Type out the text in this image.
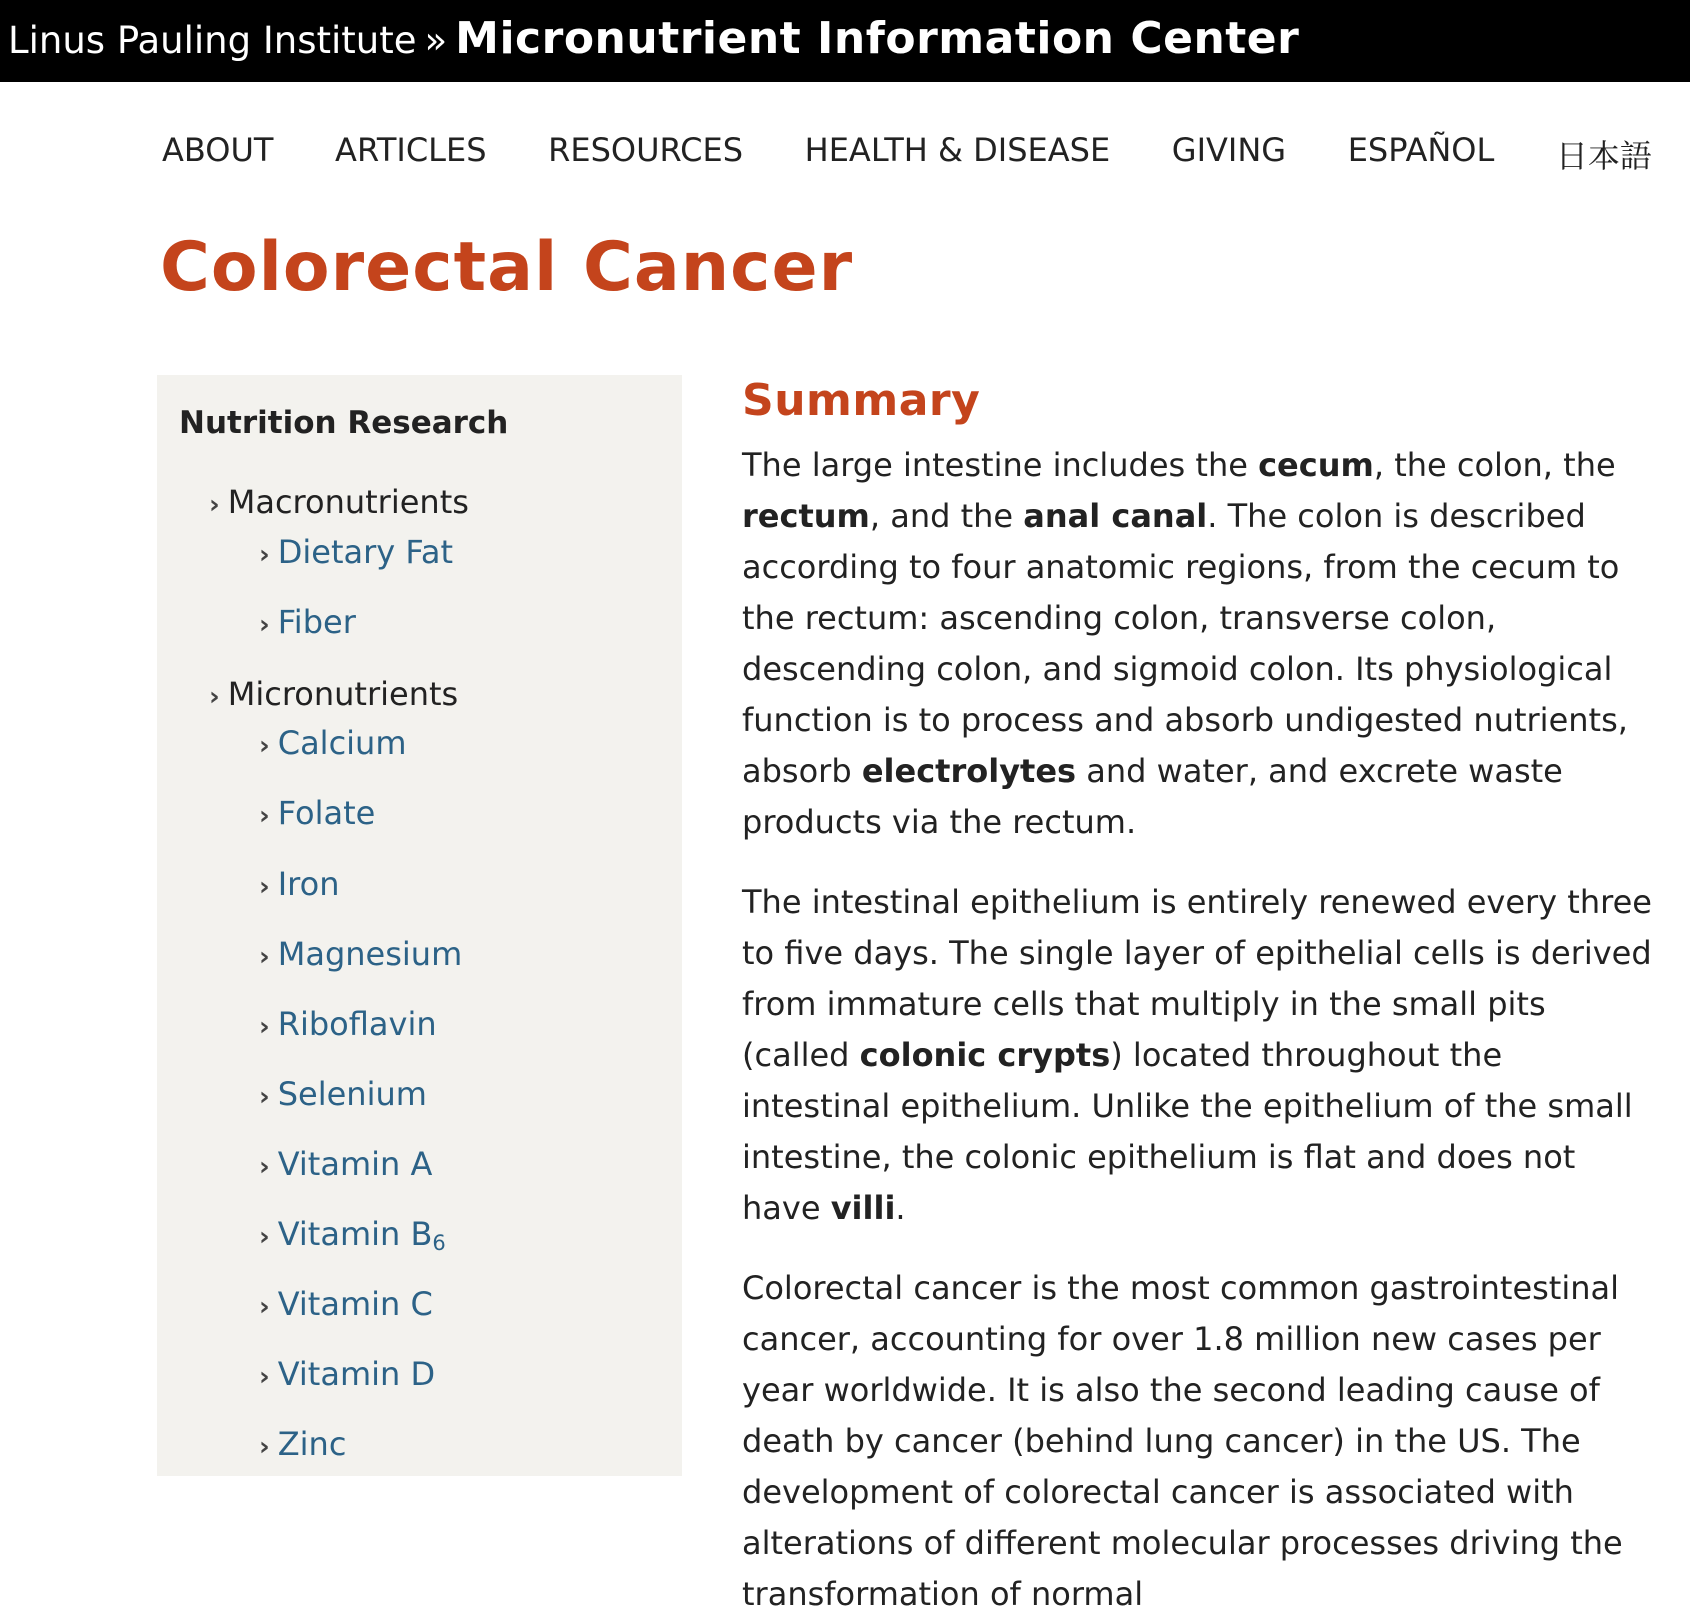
Linus Pauling Institute » Micronutrient Information Center
ABOUT ARTICLES RESOURCES HEALTH & DISEASE GIVING ESPAÑOL 日本語
Colorectal Cancer
Nutrition Research
› Macronutrients
› Dietary Fat
› Fiber
› Micronutrients
› Calcium
› Folate
› Iron
› Magnesium
› Riboflavin
› Selenium
› Vitamin A
› Vitamin $B_6$
› Vitamin C
› Vitamin D
› Zinc
Summary

The large intestine includes the cecum, the colon, the rectum, and the anal canal. The colon is described according to four anatomic regions, from the cecum to the rectum: ascending colon, transverse colon, descending colon, and sigmoid colon. Its physiological function is to process and absorb undigested nutrients, absorb electrolytes and water, and excrete waste products via the rectum.

The intestinal epithelium is entirely renewed every three to five days. The single layer of epithelial cells is derived from immature cells that multiply in the small pits (called colonic crypts) located throughout the intestinal epithelium. Unlike the epithelium of the small intestine, the colonic epithelium is flat and does not have villi.

Colorectal cancer is the most common gastrointestinal cancer, accounting for over 1.8 million new cases per year worldwide. It is also the second leading cause of death by cancer (behind lung cancer) in the US. The development of colorectal cancer is associated with alterations of different molecular processes driving the transformation of normal
